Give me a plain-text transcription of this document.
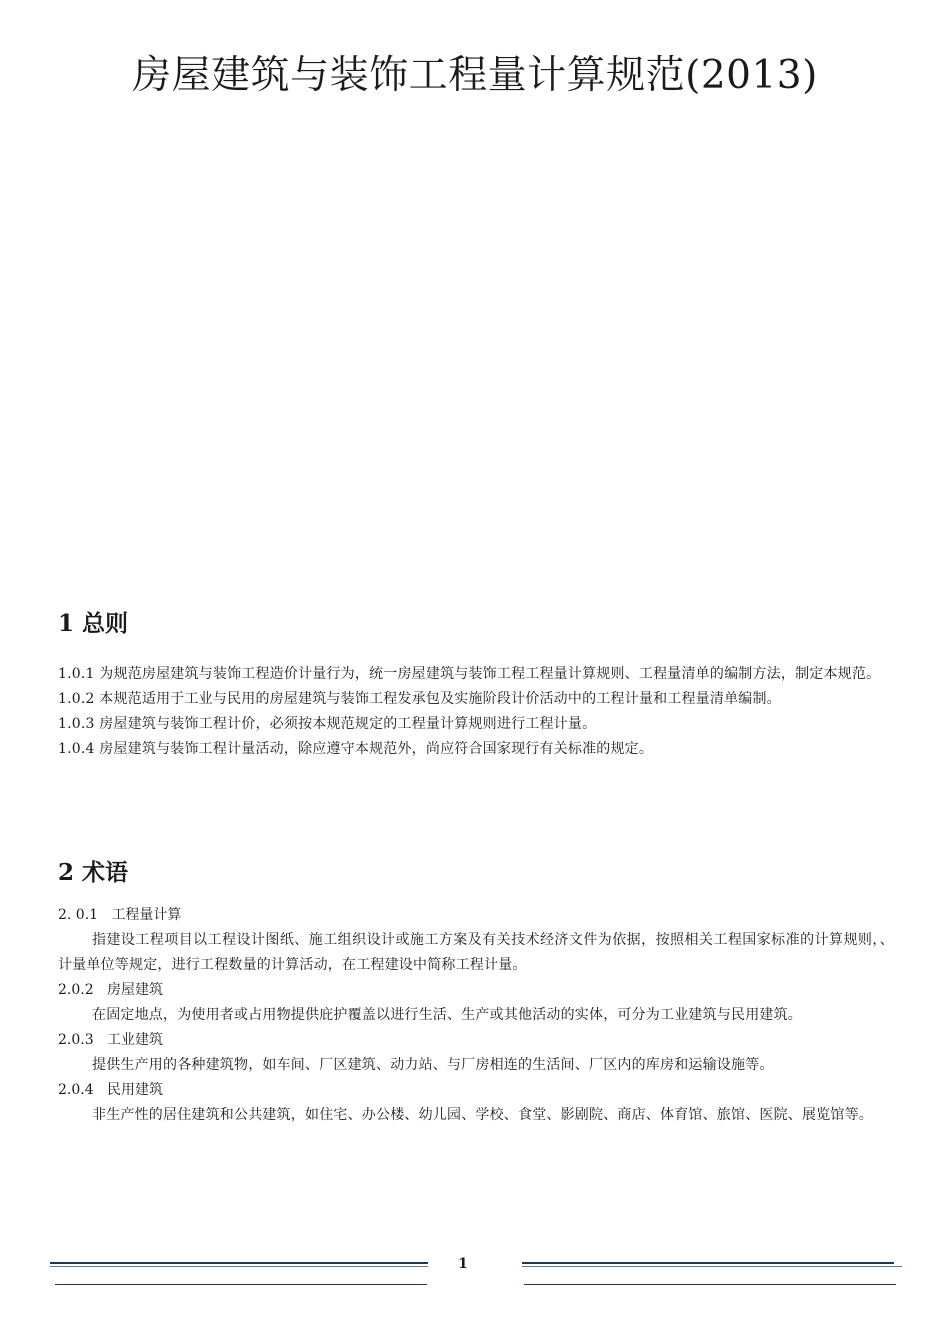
房屋建筑与装饰工程量计算规范(2013)
1 总则

1.0.1 为规范房屋建筑与装饰工程造价计量行为，统一房屋建筑与装饰工程工程量计算规则、工程量清单的编制方法，制定本规范。

1.0.2 本规范适用于工业与民用的房屋建筑与装饰工程发承包及实施阶段计价活动中的工程计量和工程量清单编制。

1.0.3 房屋建筑与装饰工程计价，必须按本规范规定的工程量计算规则进行工程计量。

1.0.4 房屋建筑与装饰工程计量活动，除应遵守本规范外，尚应符合国家现行有关标准的规定。

2 术语

2. 0.1 工程量计算

指建设工程项目以工程设计图纸、施工组织设计或施工方案及有关技术经济文件为依据，按照相关工程国家标准的计算规则，、计量单位等规定，进行工程数量的计算活动，在工程建设中简称工程计量。

2.0.2 房屋建筑

在固定地点，为使用者或占用物提供庇护覆盖以进行生活、生产或其他活动的实体，可分为工业建筑与民用建筑。

2.0.3 工业建筑

提供生产用的各种建筑物，如车间、厂区建筑、动力站、与厂房相连的生活间、厂区内的库房和运输设施等。

2.0.4 民用建筑

非生产性的居住建筑和公共建筑，如住宅、办公楼、幼儿园、学校、食堂、影剧院、商店、体育馆、旅馆、医院、展览馆等。

1
